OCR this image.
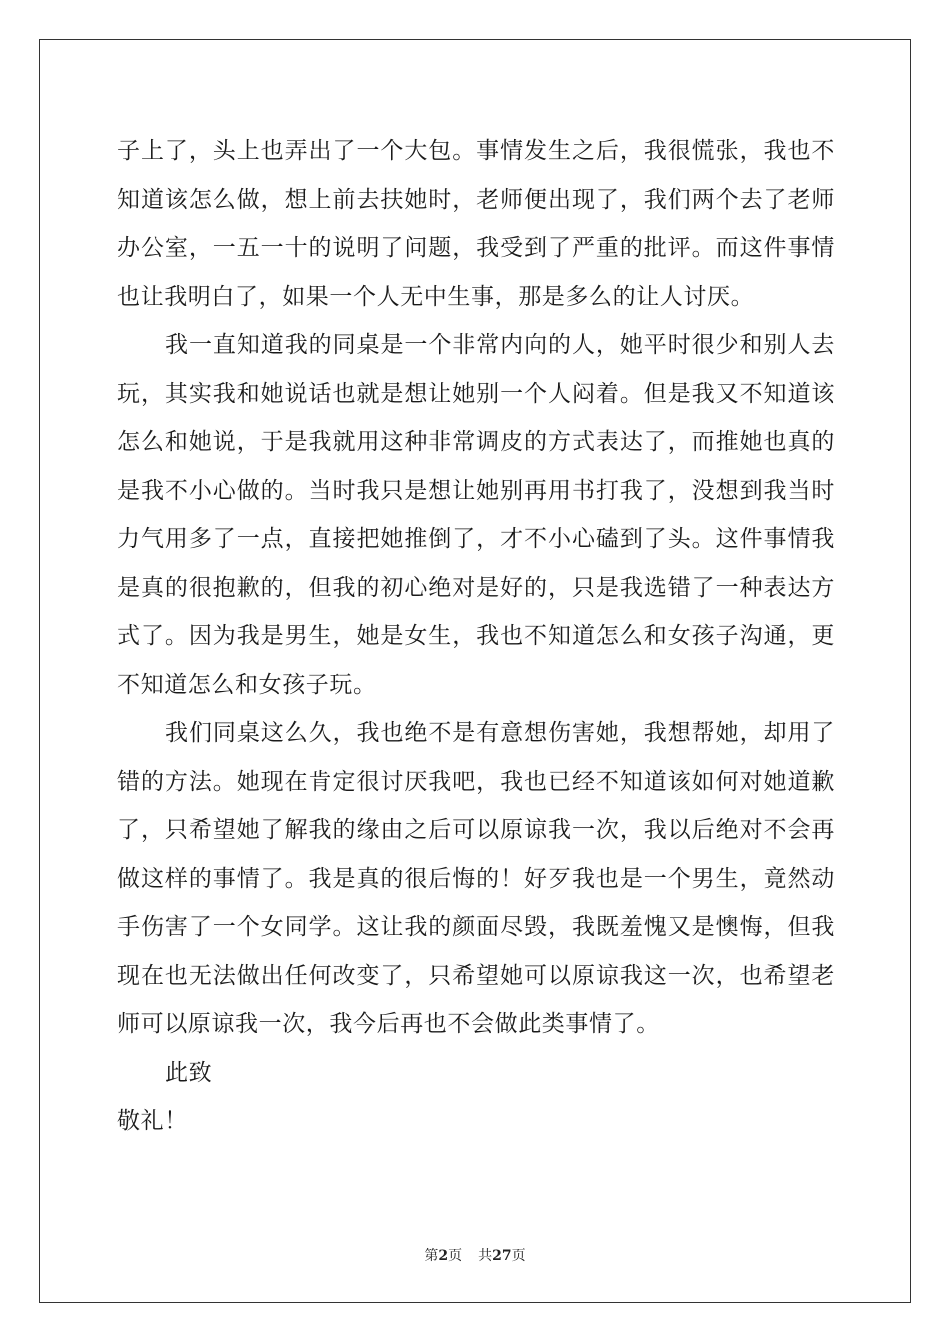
子上了，头上也弄出了一个大包。事情发生之后，我很慌张，我也不
知道该怎么做，想上前去扶她时，老师便出现了，我们两个去了老师
办公室，一五一十的说明了问题，我受到了严重的批评。而这件事情
也让我明白了，如果一个人无中生事，那是多么的让人讨厌。
我一直知道我的同桌是一个非常内向的人，她平时很少和别人去
玩，其实我和她说话也就是想让她别一个人闷着。但是我又不知道该
怎么和她说，于是我就用这种非常调皮的方式表达了，而推她也真的
是我不小心做的。当时我只是想让她别再用书打我了，没想到我当时
力气用多了一点，直接把她推倒了，才不小心磕到了头。这件事情我
是真的很抱歉的，但我的初心绝对是好的，只是我选错了一种表达方
式了。因为我是男生，她是女生，我也不知道怎么和女孩子沟通，更
不知道怎么和女孩子玩。
我们同桌这么久，我也绝不是有意想伤害她，我想帮她，却用了
错的方法。她现在肯定很讨厌我吧，我也已经不知道该如何对她道歉
了，只希望她了解我的缘由之后可以原谅我一次，我以后绝对不会再
做这样的事情了。我是真的很后悔的！好歹我也是一个男生，竟然动
手伤害了一个女同学。这让我的颜面尽毁，我既羞愧又是懊悔，但我
现在也无法做出任何改变了，只希望她可以原谅我这一次，也希望老
师可以原谅我一次，我今后再也不会做此类事情了。
此致
敬礼！
第2页 共27页
